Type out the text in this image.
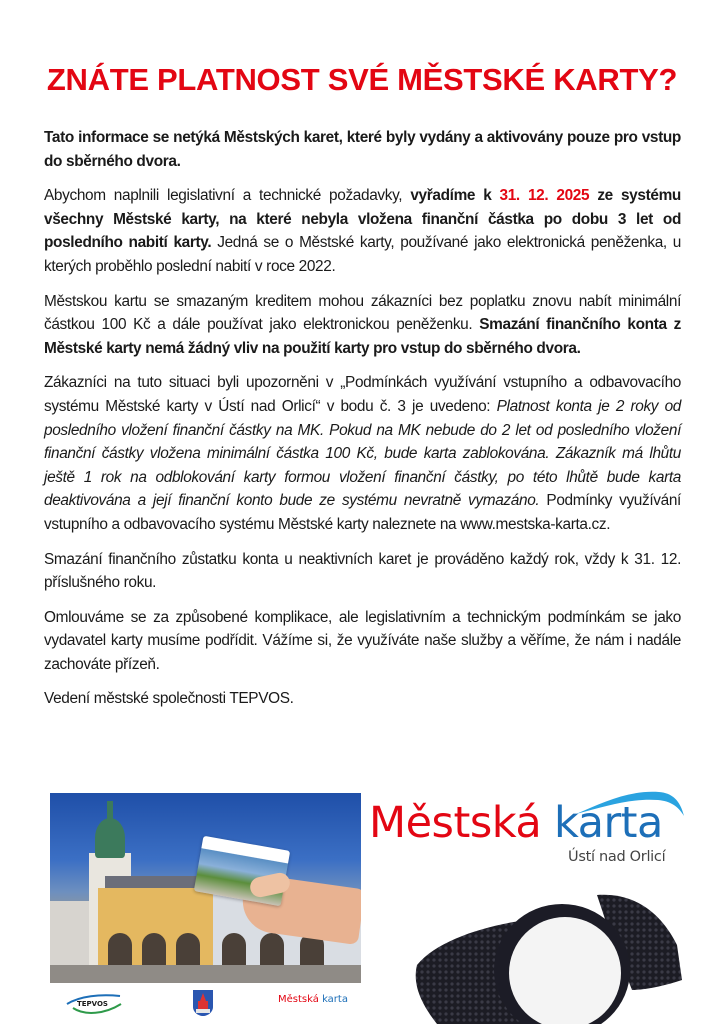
ZNÁTE PLATNOST SVÉ MĚSTSKÉ KARTY?

Tato informace se netýká Městských karet, které byly vydány a aktivovány pouze pro vstup do sběrného dvora.

Abychom naplnili legislativní a technické požadavky, vyřadíme k 31. 12. 2025 ze systému všechny Městské karty, na které nebyla vložena finanční částka po dobu 3 let od posledního nabití karty. Jedná se o Městské karty, používané jako elektronická peněženka, u kterých proběhlo poslední nabití v roce 2022.

Městskou kartu se smazaným kreditem mohou zákazníci bez poplatku znovu nabít minimální částkou 100 Kč a dále používat jako elektronickou peněženku. Smazání finančního konta z Městské karty nemá žádný vliv na použití karty pro vstup do sběrného dvora.

Zákazníci na tuto situaci byli upozorněni v „Podmínkách využívání vstupního a odbavovacího systému Městské karty v Ústí nad Orlicí“ v bodu č. 3 je uvedeno: Platnost konta je 2 roky od posledního vložení finanční částky na MK. Pokud na MK nebude do 2 let od posledního vložení finanční částky vložena minimální částka 100 Kč, bude karta zablokována. Zákazník má lhůtu ještě 1 rok na odblokování karty formou vložení finanční částky, po této lhůtě bude karta deaktivována a její finanční konto bude ze systému nevratně vymazáno. Podmínky využívání vstupního a odbavovacího systému Městské karty naleznete na www.mestska-karta.cz.

Smazání finančního zůstatku konta u neaktivních karet je prováděno každý rok, vždy k 31. 12. příslušného roku.

Omlouváme se za způsobené komplikace, ale legislativním a technickým podmínkám se jako vydavatel karty musíme podřídit. Vážíme si, že využíváte naše služby a věříme, že nám i nadále zachováte přízeň.

Vedení městské společnosti TEPVOS.

Městská karta
Ústí nad Orlicí
TEPVOS	Městská karta
